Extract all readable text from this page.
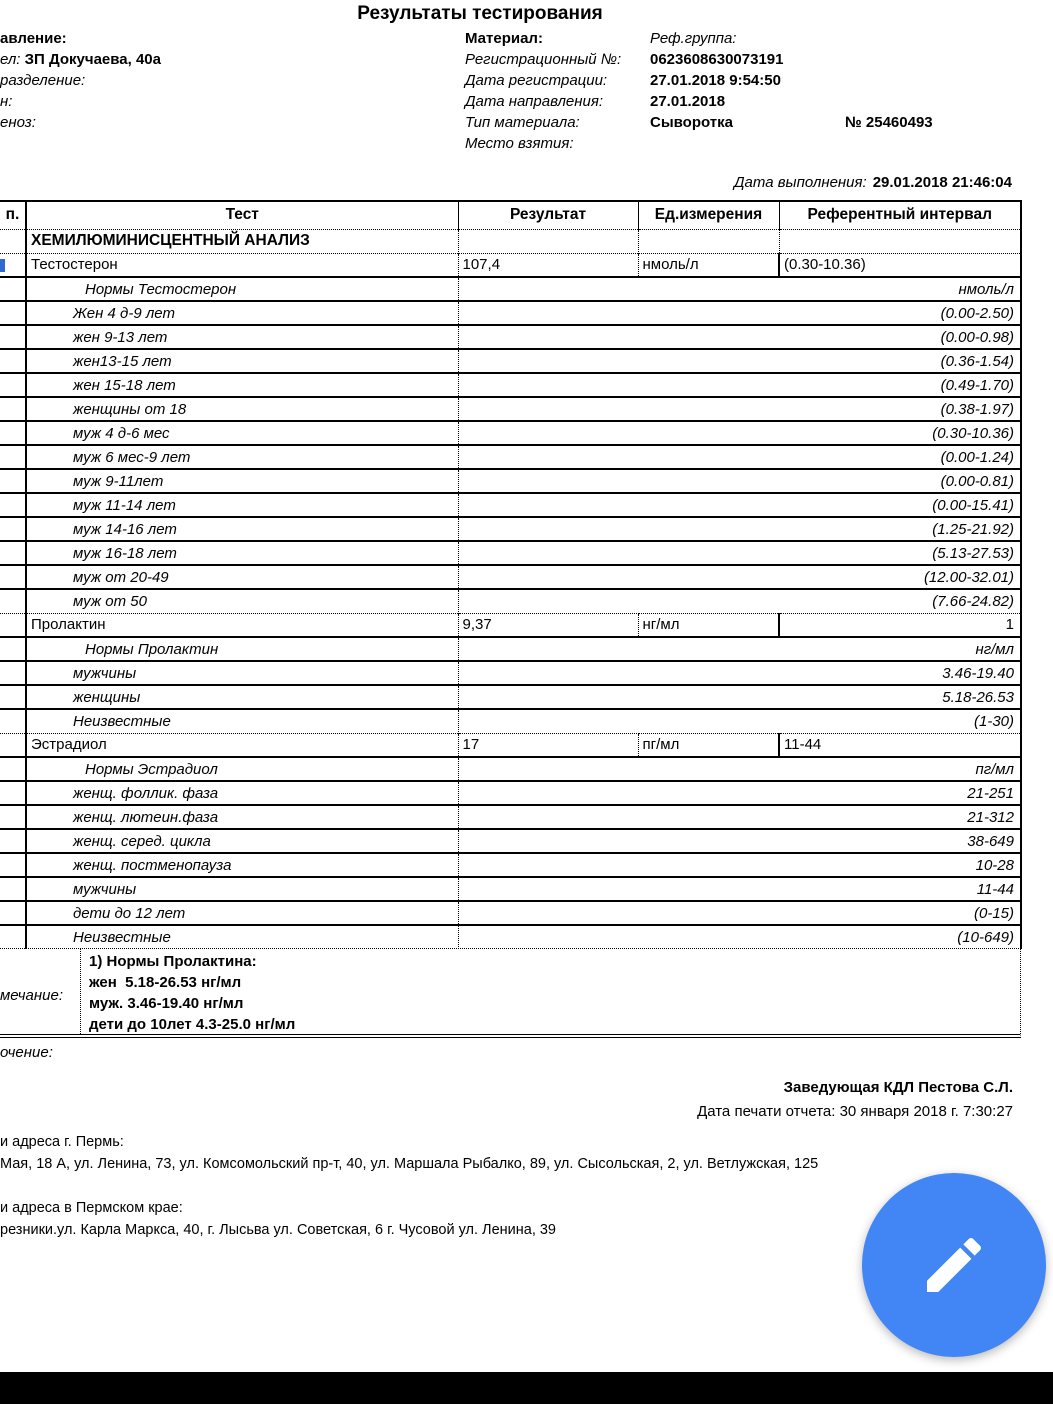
Результаты тестирования
авление:
ел: ЗП Докучаева, 40а
разделение:
н:
еноз:
Материал:	Реф.группа:
Регистрационный №: 0623608630073191
Дата регистрации:	27.01.2018 9:54:50
Дата направления:	27.01.2018
Тип материала:	Сыворотка	№ 25460493
Место взятия:
Дата выполнения: 29.01.2018 21:46:04
п.	Тест	Результат	Ед.измерения	Референтный интервал
	ХЕМИЛЮМИНИСЦЕНТНЫЙ АНАЛИЗ			

	Тестостерон	107,4	нмоль/л	(0.30-10.36)
	Нормы Тестостерон	нмоль/л		
	Жен 4 д-9 лет	(0.00-2.50)		
	жен 9-13 лет	(0.00-0.98)		
	жен13-15 лет	(0.36-1.54)		
	жен 15-18 лет	(0.49-1.70)		
	женщины от 18	(0.38-1.97)		
	муж 4 д-6 мес	(0.30-10.36)		
	муж 6 мес-9 лет	(0.00-1.24)		
	муж 9-11лет	(0.00-0.81)		
	муж 11-14 лет	(0.00-15.41)		
	муж 14-16 лет	(1.25-21.92)		
	муж 16-18 лет	(5.13-27.53)		
	муж от 20-49	(12.00-32.01)		
	муж от 50	(7.66-24.82)		
	Пролактин	9,37	нг/мл	1
	Нормы Пролактин	нг/мл		
	мужчины	3.46-19.40		
	женщины	5.18-26.53		
	Неизвестные	(1-30)		
	Эстрадиол	17	пг/мл	11-44
	Нормы Эстрадиол	пг/мл		
	женщ. фоллик. фаза	21-251		
	женщ. лютеин.фаза	21-312		
	женщ. серед. цикла	38-649		
	женщ. постменопауза	10-28		
	мужчины	11-44		
	дети до 12 лет	(0-15)		
	Неизвестные	(10-649)		
мечание:
1) Нормы Пролактина:
жен  5.18-26.53 нг/мл
муж. 3.46-19.40 нг/мл
дети до 10лет 4.3-25.0 нг/мл
очение:
Заведующая КДЛ Пестова С.Л.
Дата печати отчета: 30 января 2018 г. 7:30:27
и адреса г. Пермь:
Мая, 18 А, ул. Ленина, 73, ул. Комсомольский пр-т, 40, ул. Маршала Рыбалко, 89, ул. Сысольская, 2, ул. Ветлужская, 125
и адреса в Пермском крае:
резники.ул. Карла Маркса, 40, г. Лысьва ул. Советская, 6 г. Чусовой ул. Ленина, 39
